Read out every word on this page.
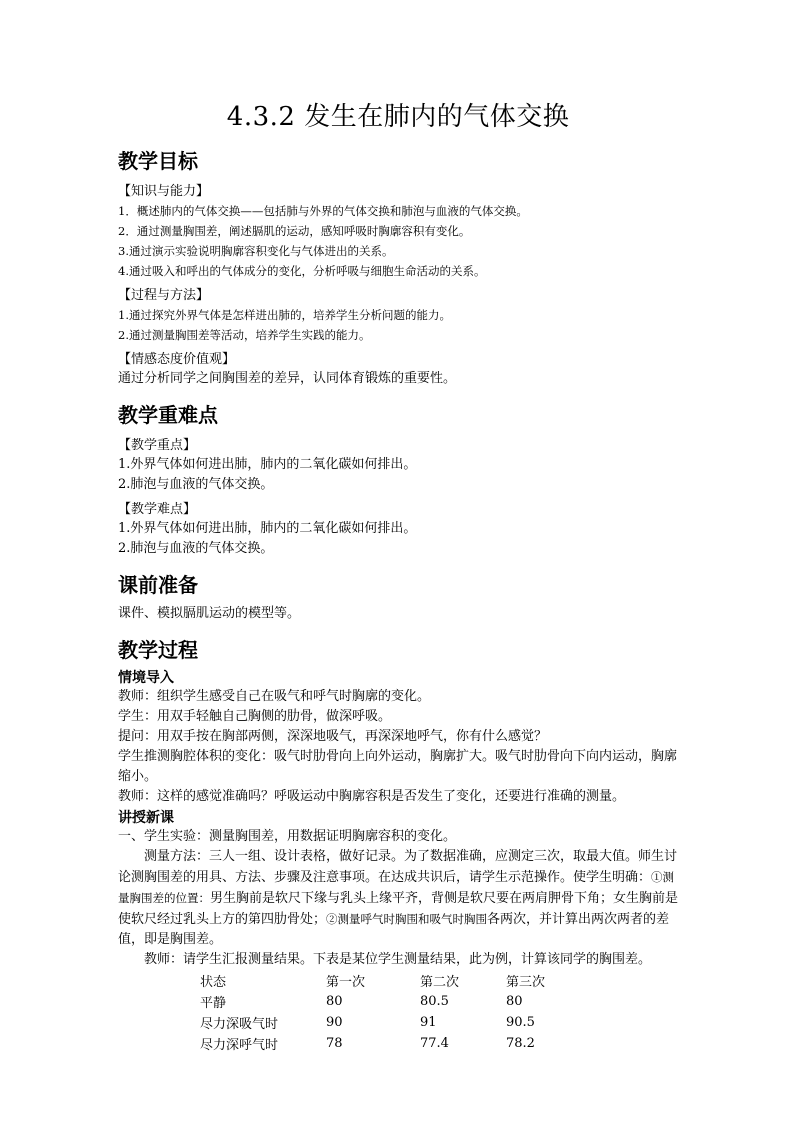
4.3.2 发生在肺内的气体交换
教学目标
【知识与能力】

1．概述肺内的气体交换——包括肺与外界的气体交换和肺泡与血液的气体交换。

2．通过测量胸围差，阐述膈肌的运动，感知呼吸时胸廓容积有变化。

3.通过演示实验说明胸廓容积变化与气体进出的关系。

4.通过吸入和呼出的气体成分的变化，分析呼吸与细胞生命活动的关系。

【过程与方法】

1.通过探究外界气体是怎样进出肺的，培养学生分析问题的能力。

2.通过测量胸围差等活动，培养学生实践的能力。

【情感态度价值观】

通过分析同学之间胸围差的差异，认同体育锻炼的重要性。

教学重难点
【教学重点】

1.外界气体如何进出肺，肺内的二氧化碳如何排出。

2.肺泡与血液的气体交换。

【教学难点】

1.外界气体如何进出肺，肺内的二氧化碳如何排出。

2.肺泡与血液的气体交换。

课前准备

课件、模拟膈肌运动的模型等。

教学过程
情境导入

教师：组织学生感受自己在吸气和呼气时胸廓的变化。

学生：用双手轻触自己胸侧的肋骨，做深呼吸。

提问：用双手按在胸部两侧，深深地吸气，再深深地呼气，你有什么感觉？

学生推测胸腔体积的变化：吸气时肋骨向上向外运动，胸廓扩大。吸气时肋骨向下向内运动，胸廓缩小。

教师：这样的感觉准确吗？呼吸运动中胸廓容积是否发生了变化，还要进行准确的测量。

讲授新课

一、学生实验：测量胸围差，用数据证明胸廓容积的变化。

测量方法：三人一组、设计表格，做好记录。为了数据准确，应测定三次，取最大值。师生讨论测胸围差的用具、方法、步骤及注意事项。在达成共识后，请学生示范操作。使学生明确：①测量胸围差的位置：男生胸前是软尺下缘与乳头上缘平齐，背侧是软尺要在两肩胛骨下角；女生胸前是使软尺经过乳头上方的第四肋骨处；②测量呼气时胸围和吸气时胸围各两次，并计算出两次两者的差值，即是胸围差。

教师：请学生汇报测量结果。下表是某位学生测量结果，此为例，计算该同学的胸围差。

状态	第一次	第二次	第三次
平静	80	80.5	80
尽力深吸气时	90	91	90.5
尽力深呼气时	78	77.4	78.2
